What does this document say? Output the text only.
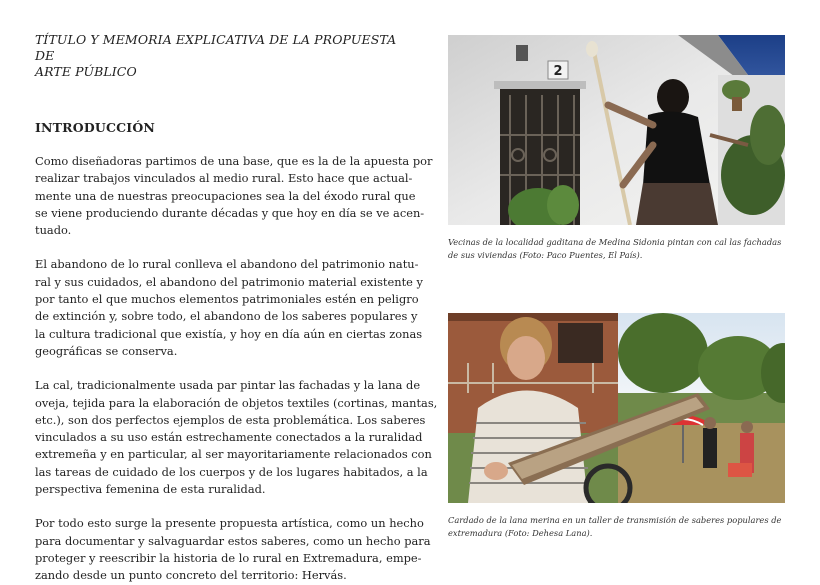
TÍTULO Y MEMORIA EXPLICATIVA DE LA PROPUESTA DE
ARTE PÚBLICO
INTRODUCCIÓN

Como diseñadoras partimos de una base, que es la de la apuesta por
realizar trabajos vinculados al medio rural. Esto hace que actual-
mente una de nuestras preocupaciones sea la del éxodo rural que
se viene produciendo durante décadas y que hoy en día se ve acen-
tuado.

El abandono de lo rural conlleva el abandono del patrimonio natu-
ral y sus cuidados, el abandono del patrimonio material existente y
por tanto el que muchos elementos patrimoniales estén en peligro
de extinción y, sobre todo, el abandono de los saberes populares y
la cultura tradicional que existía, y hoy en día aún en ciertas zonas
geográficas se conserva.

La cal, tradicionalmente usada par pintar las fachadas y la lana de
oveja, tejida para la elaboración de objetos textiles (cortinas, mantas,
etc.), son dos perfectos ejemplos de esta problemática. Los saberes
vinculados a su uso están estrechamente conectados a la ruralidad
extremeña y en particular, al ser mayoritariamente relacionados con
las tareas de cuidado de los cuerpos y de los lugares habitados, a la
perspectiva femenina de esta ruralidad.

Por todo esto surge la presente propuesta artística, como un hecho
para documentar y salvaguardar estos saberes, como un hecho para
proteger y reescribir la historia de lo rural en Extremadura, empe-
zando desde un punto concreto del territorio: Hervás.

2
Vecinas de la localidad gaditana de Medina Sidonia pintan con cal las fachadas
de sus viviendas (Foto: Paco Puentes, El País).
Cardado de la lana merina en un taller de transmisión de saberes populares de
extremadura (Foto: Dehesa Lana).
